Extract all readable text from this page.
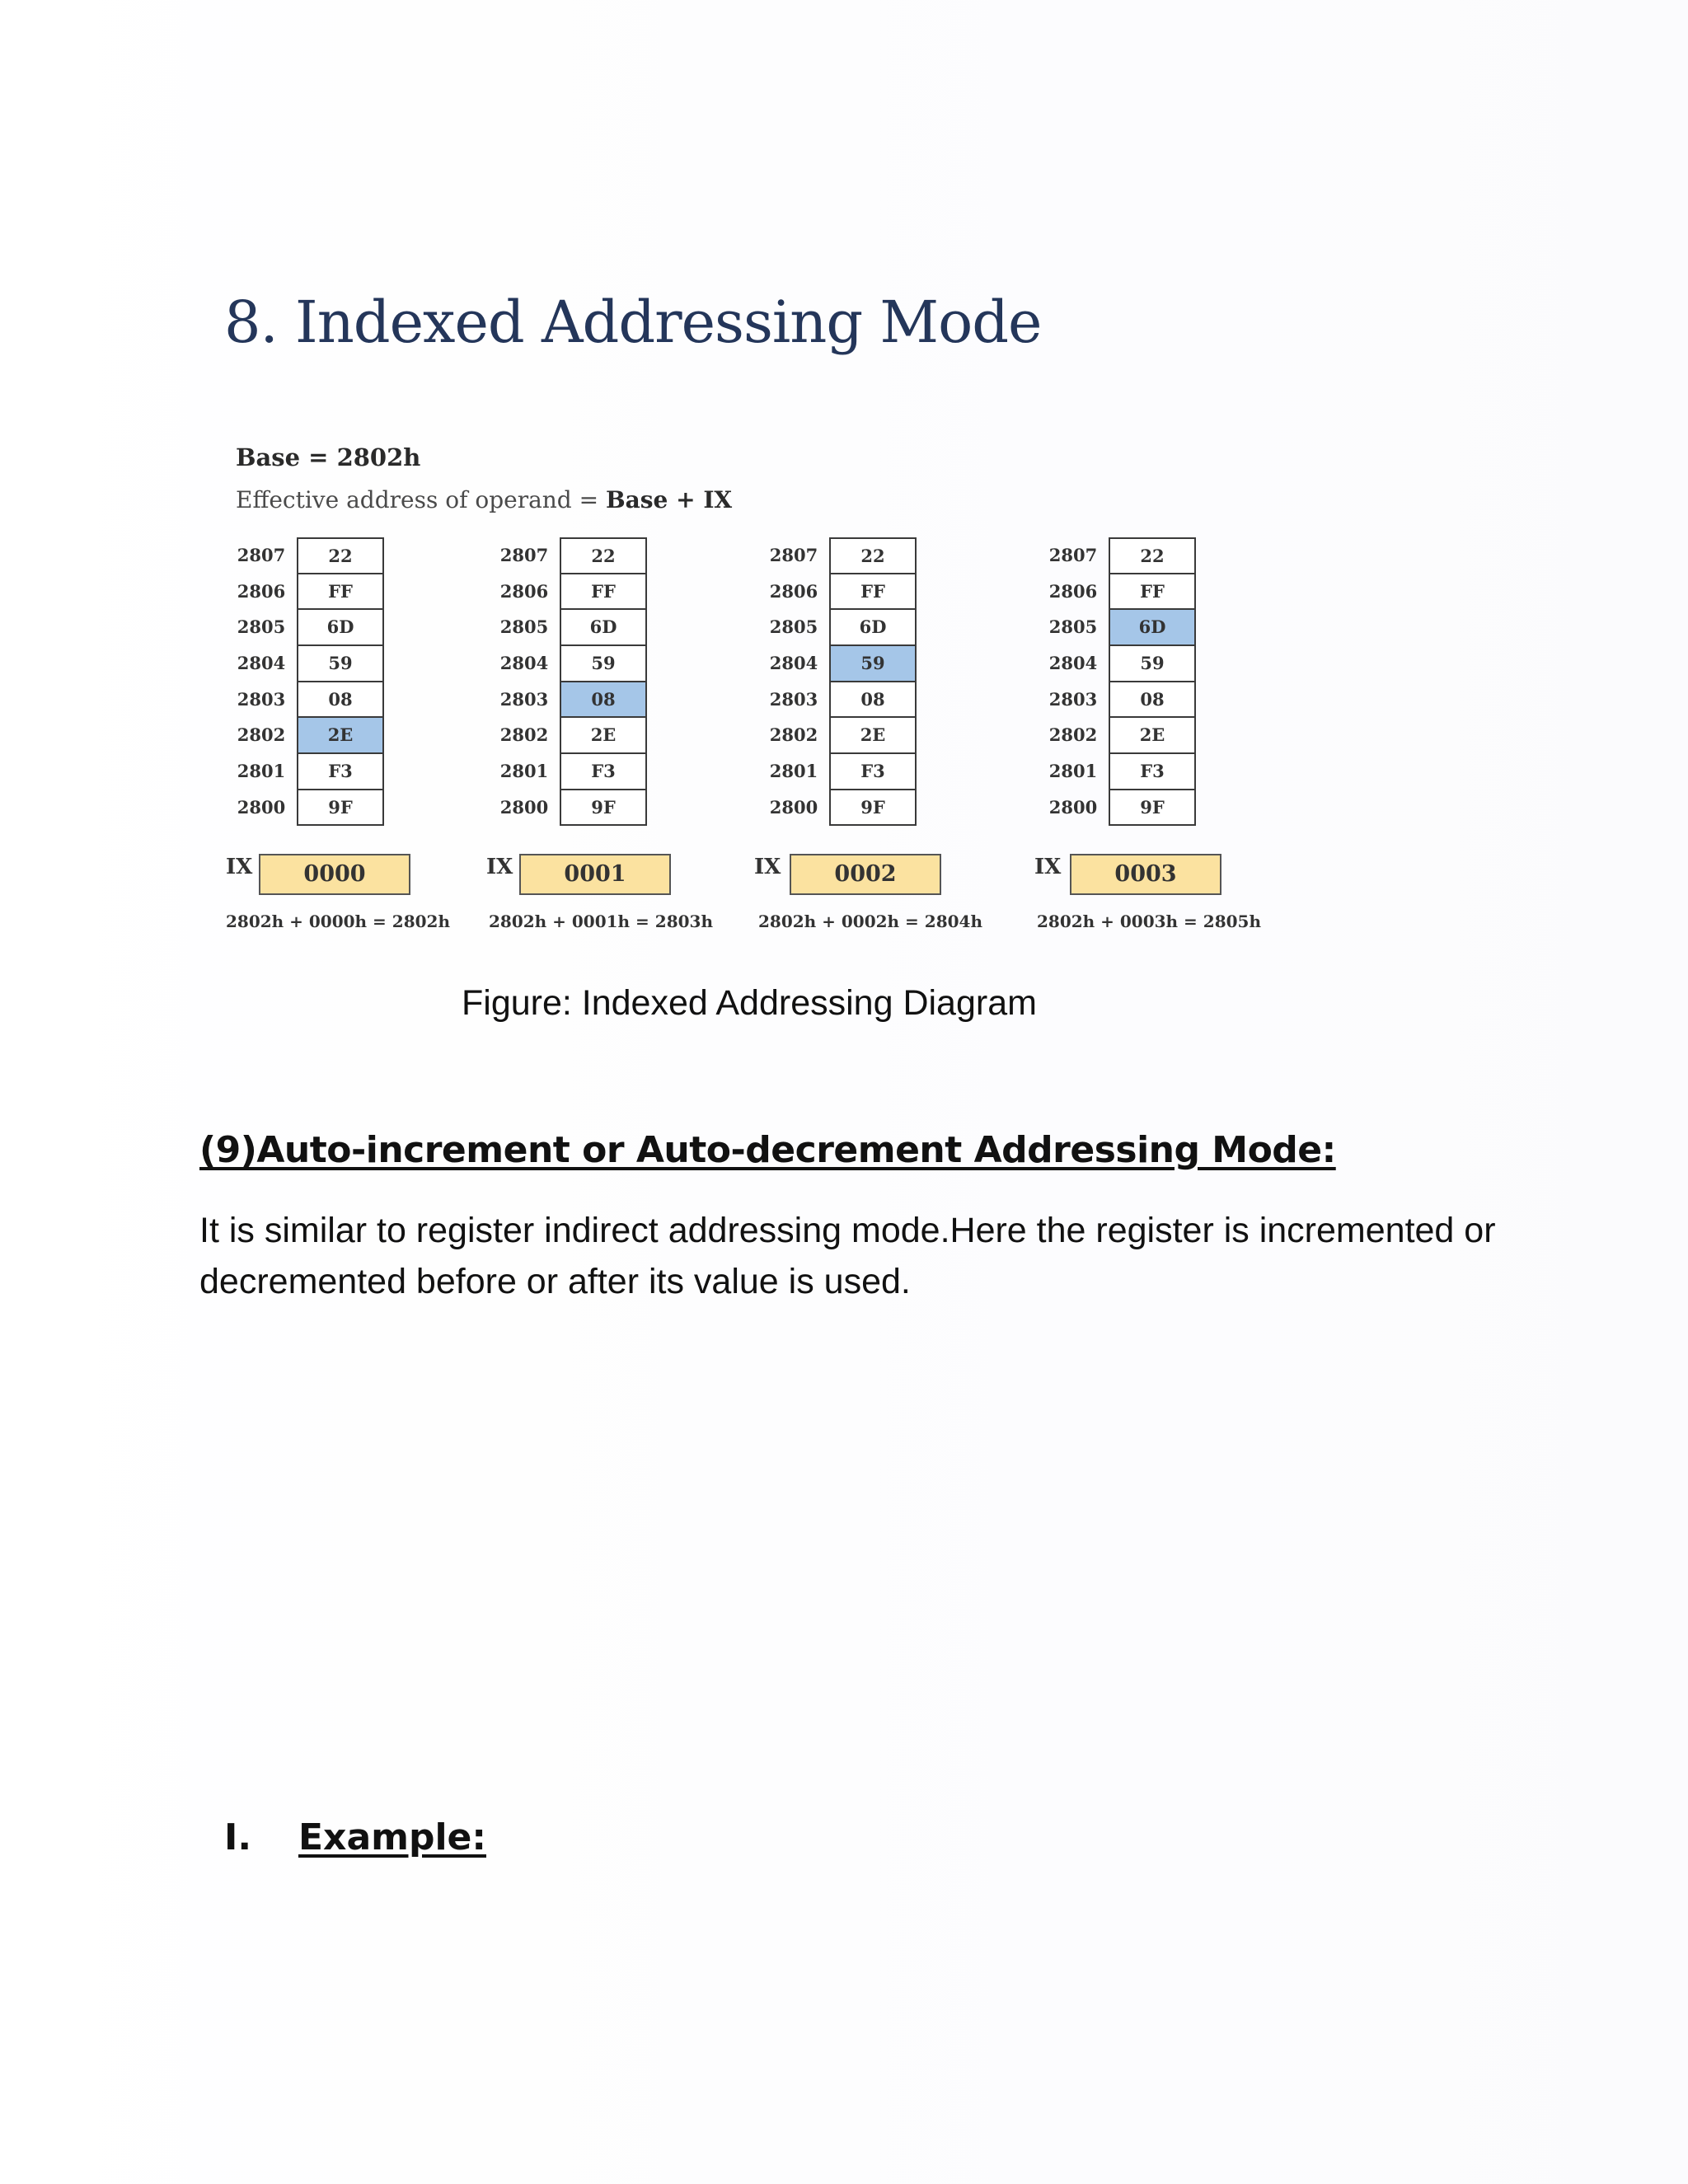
8. Indexed Addressing Mode
Base = 2802h
Effective address of operand = Base + IX
2807	22
2806	FF
2805	6D
2804	59
2803	08
2802	2E
2801	F3
2800	9F
IX	0000
2802h + 0000h = 2802h
2807	22
2806	FF
2805	6D
2804	59
2803	08
2802	2E
2801	F3
2800	9F
IX	0001
2802h + 0001h = 2803h
2807	22
2806	FF
2805	6D
2804	59
2803	08
2802	2E
2801	F3
2800	9F
IX	0002
2802h + 0002h = 2804h
2807	22
2806	FF
2805	6D
2804	59
2803	08
2802	2E
2801	F3
2800	9F
IX	0003
2802h + 0003h = 2805h

Figure: Indexed Addressing Diagram

(9)Auto-increment or Auto-decrement Addressing Mode:

It is similar to register indirect addressing mode.Here the register is incremented or decremented before or after its value is used.

I. Example:
